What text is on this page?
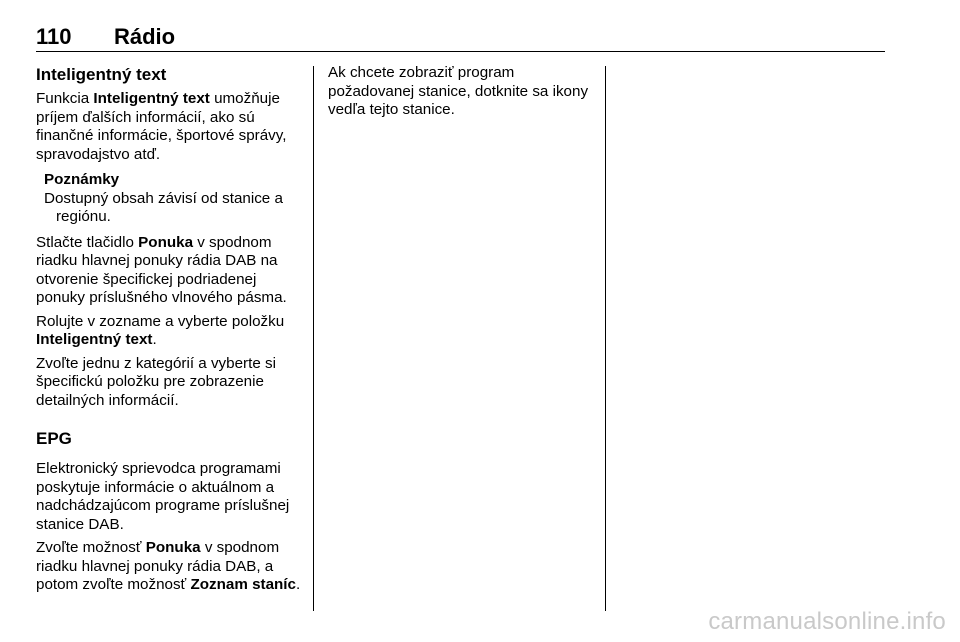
110 Rádio
Inteligentný text

Funkcia Inteligentný text umožňuje príjem ďalších informácií, ako sú finančné informácie, športové správy, spravodajstvo atď.

Poznámky
Dostupný obsah závisí od stanice a regiónu.

Stlačte tlačidlo Ponuka v spodnom riadku hlavnej ponuky rádia DAB na otvorenie špecifickej podriadenej ponuky príslušného vlnového pásma.

Rolujte v zozname a vyberte položku Inteligentný text.

Zvoľte jednu z kategórií a vyberte si špecifickú položku pre zobrazenie detailných informácií.

EPG

Elektronický sprievodca programami poskytuje informácie o aktuálnom a nadchádzajúcom programe príslušnej stanice DAB.

Zvoľte možnosť Ponuka v spodnom riadku hlavnej ponuky rádia DAB, a potom zvoľte možnosť Zoznam staníc.

Ak chcete zobraziť program požadovanej stanice, dotknite sa ikony vedľa tejto stanice.

carmanualsonline.info
